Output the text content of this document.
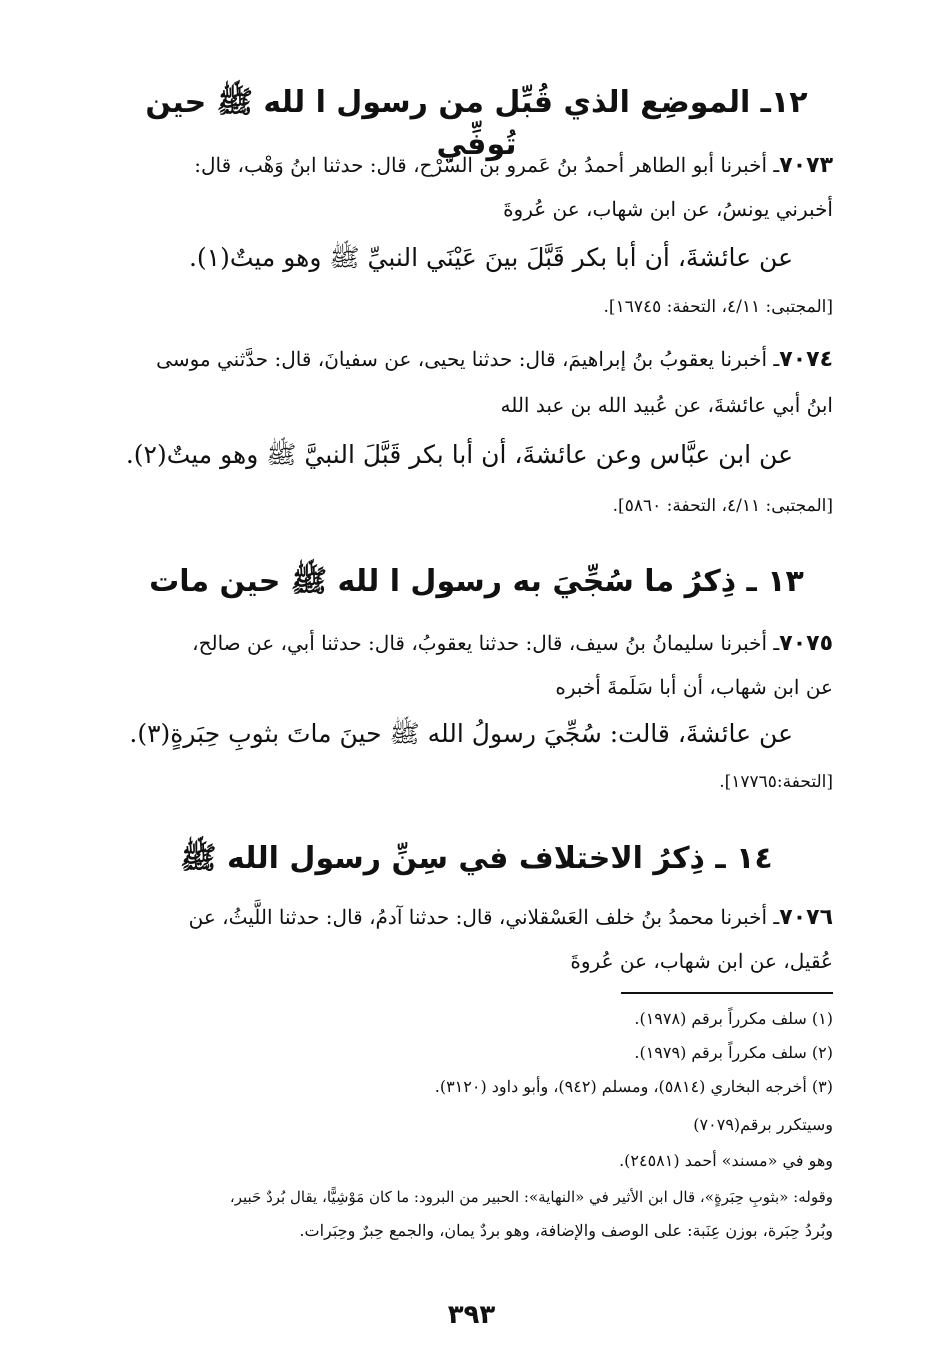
١٢ـ الموضِع الذي قُبِّل من رسول ا لله ﷺ حين تُوفِّي
٧٠٧٣ـ أخبرنا أبو الطاهر أحمدُ بنُ عَمرو بن السَّرْح، قال: حدثنا ابنُ وَهْب، قال:
أخبرني يونسُ، عن ابن شهاب، عن عُروةَ
عن عائشةَ، أن أبا بكر قَبَّلَ بينَ عَيْنَي النبيِّ ﷺ وهو ميتٌ(١).
[المجتبى: ٤/١١، التحفة: ١٦٧٤٥].
٧٠٧٤ـ أخبرنا يعقوبُ بنُ إبراهيمَ، قال: حدثنا يحيى، عن سفيانَ، قال: حدَّثني موسى
ابنُ أبي عائشةَ، عن عُبيد الله بن عبد الله
عن ابن عبَّاس وعن عائشةَ، أن أبا بكر قَبَّلَ النبيَّ ﷺ وهو ميتٌ(٢).
[المجتبى: ٤/١١، التحفة: ٥٨٦٠].
١٣ ـ ذِكرُ ما سُجِّيَ به رسول ا لله ﷺ حين مات
٧٠٧٥ـ أخبرنا سليمانُ بنُ سيف، قال: حدثنا يعقوبُ، قال: حدثنا أبي، عن صالح،
عن ابن شهاب، أن أبا سَلَمةَ أخبره
عن عائشةَ، قالت: سُجِّيَ رسولُ الله ﷺ حينَ ماتَ بثوبِ حِبَرةٍ(٣).
[التحفة:١٧٧٦٥].
١٤ ـ ذِكرُ الاختلاف في سِنِّ رسول الله ﷺ
٧٠٧٦ـ أخبرنا محمدُ بنُ خلف العَسْقلاني، قال: حدثنا آدمُ، قال: حدثنا اللَّيثُ، عن
عُقيل، عن ابن شهاب، عن عُروةَ
(١) سلف مكرراً برقم (١٩٧٨).
(٢) سلف مكرراً برقم (١٩٧٩).
(٣) أخرجه البخاري (٥٨١٤)، ومسلم (٩٤٢)، وأبو داود (٣١٢٠).
وسيتكرر برقم(٧٠٧٩)
وهو في «مسند» أحمد (٢٤٥٨١).
وقوله: «بثوبِ حِبَرةٍ»، قال ابن الأثير في «النهاية»: الحبير من البرود: ما كان مَوْشِيًّا، يقال بُردٌ حَبير،
وبُردُ حِبَرة، بوزن عِنَبة: على الوصف والإضافة، وهو بردٌ يمان، والجمع حِبرٌ وحِبَرات.
٣٩٣
